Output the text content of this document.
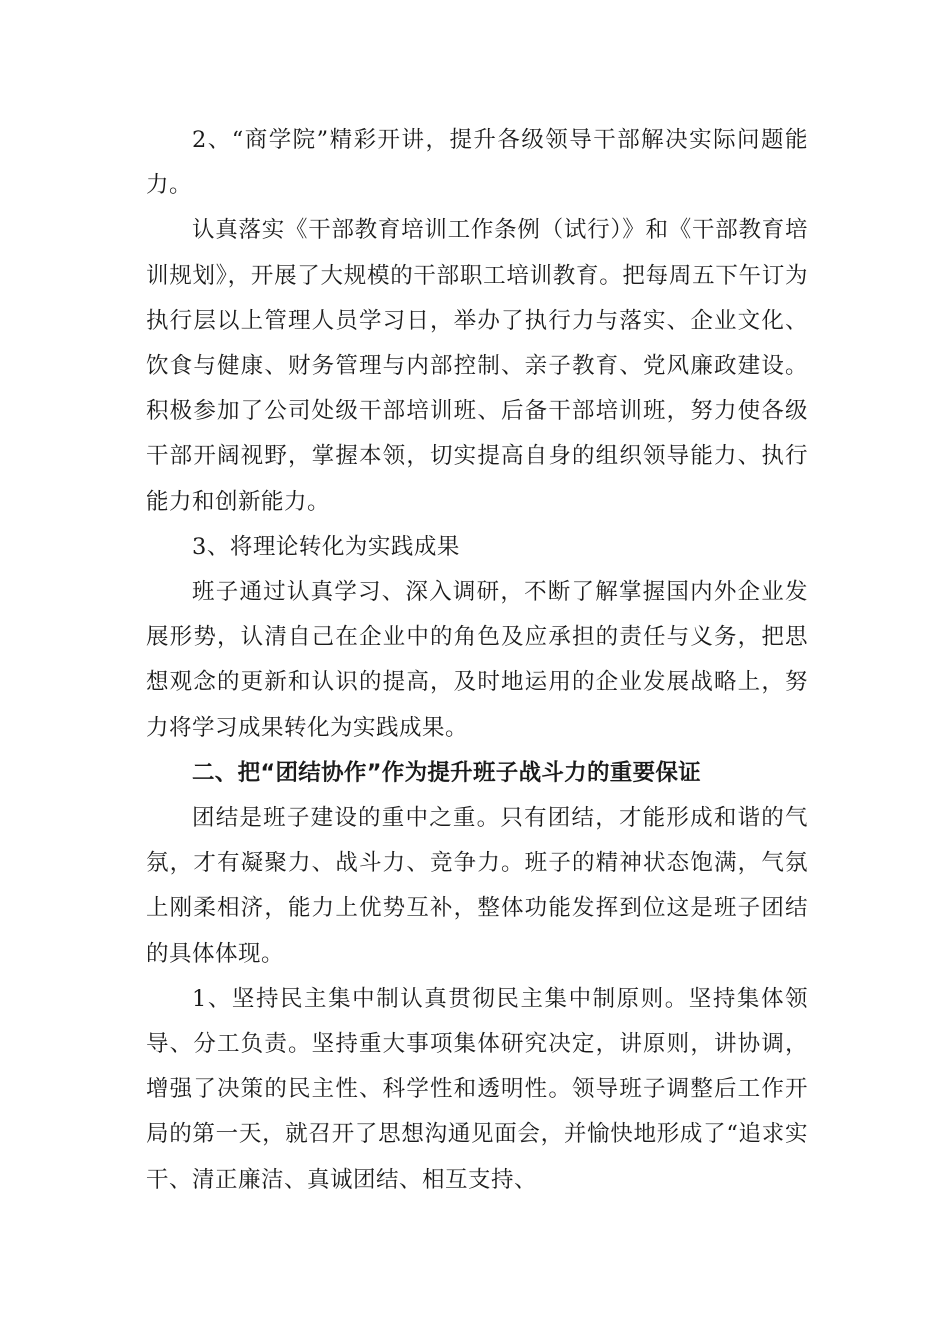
2、“商学院”精彩开讲，提升各级领导干部解决实际问题能力。

认真落实《干部教育培训工作条例（试行）》和《干部教育培训规划》，开展了大规模的干部职工培训教育。把每周五下午订为执行层以上管理人员学习日，举办了执行力与落实、企业文化、饮食与健康、财务管理与内部控制、亲子教育、党风廉政建设。积极参加了公司处级干部培训班、后备干部培训班，努力使各级干部开阔视野，掌握本领，切实提高自身的组织领导能力、执行能力和创新能力。

3、将理论转化为实践成果

班子通过认真学习、深入调研，不断了解掌握国内外企业发展形势，认清自己在企业中的角色及应承担的责任与义务，把思想观念的更新和认识的提高，及时地运用的企业发展战略上，努力将学习成果转化为实践成果。

二、把“团结协作”作为提升班子战斗力的重要保证

团结是班子建设的重中之重。只有团结，才能形成和谐的气氛，才有凝聚力、战斗力、竞争力。班子的精神状态饱满，气氛上刚柔相济，能力上优势互补，整体功能发挥到位这是班子团结的具体体现。

1、坚持民主集中制认真贯彻民主集中制原则。坚持集体领导、分工负责。坚持重大事项集体研究决定，讲原则，讲协调，增强了决策的民主性、科学性和透明性。领导班子调整后工作开局的第一天，就召开了思想沟通见面会，并愉快地形成了“追求实干、清正廉洁、真诚团结、相互支持、
